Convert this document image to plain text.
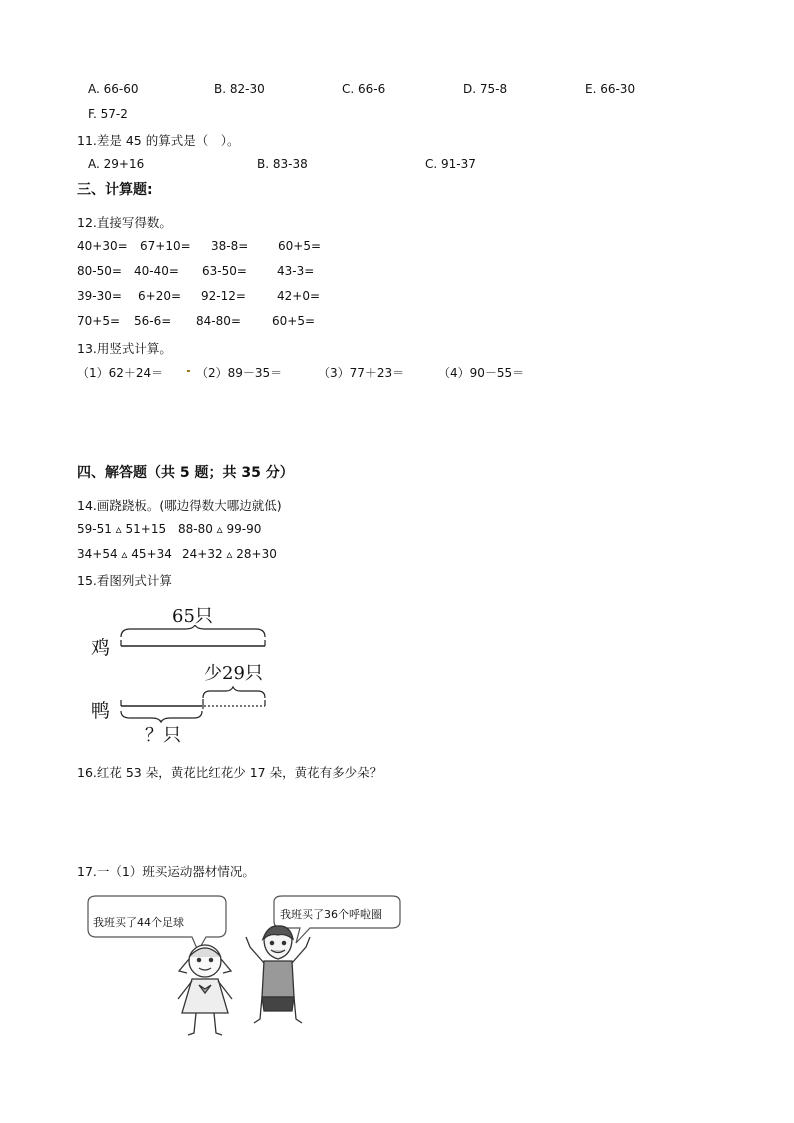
A. 66-60	B. 82-30	C. 66-6	D. 75-8	E. 66-30
F. 57-2
11.差是 45 的算式是（　）。
A. 29+16	B. 83-38	C. 91-37
三、计算题:
12.直接写得数。
40+30= 67+10= 38-8= 60+5=
80-50= 40-40= 63-50=	43-3=
39-30= 6+20= 92-12=	42+0=
70+5= 56-6= 84-80=	60+5=
13.用竖式计算。
（1）62＋24＝	（2）89－35＝	（3）77＋23＝	（4）90－55＝
四、解答题（共 5 题；共 35 分）
14.画跷跷板。(哪边得数大哪边就低)
59-51 ▵ 51+15 88-80 ▵ 99-90
34+54 ▵ 45+34 24+32 ▵ 28+30
15.看图列式计算
65只
鸡
少29只
鸭
？只
16.红花 53 朵，黄花比红花少 17 朵，黄花有多少朵？
17.一（1）班买运动器材情况。
我班买了44个足球
我班买了36个呼啦圈
